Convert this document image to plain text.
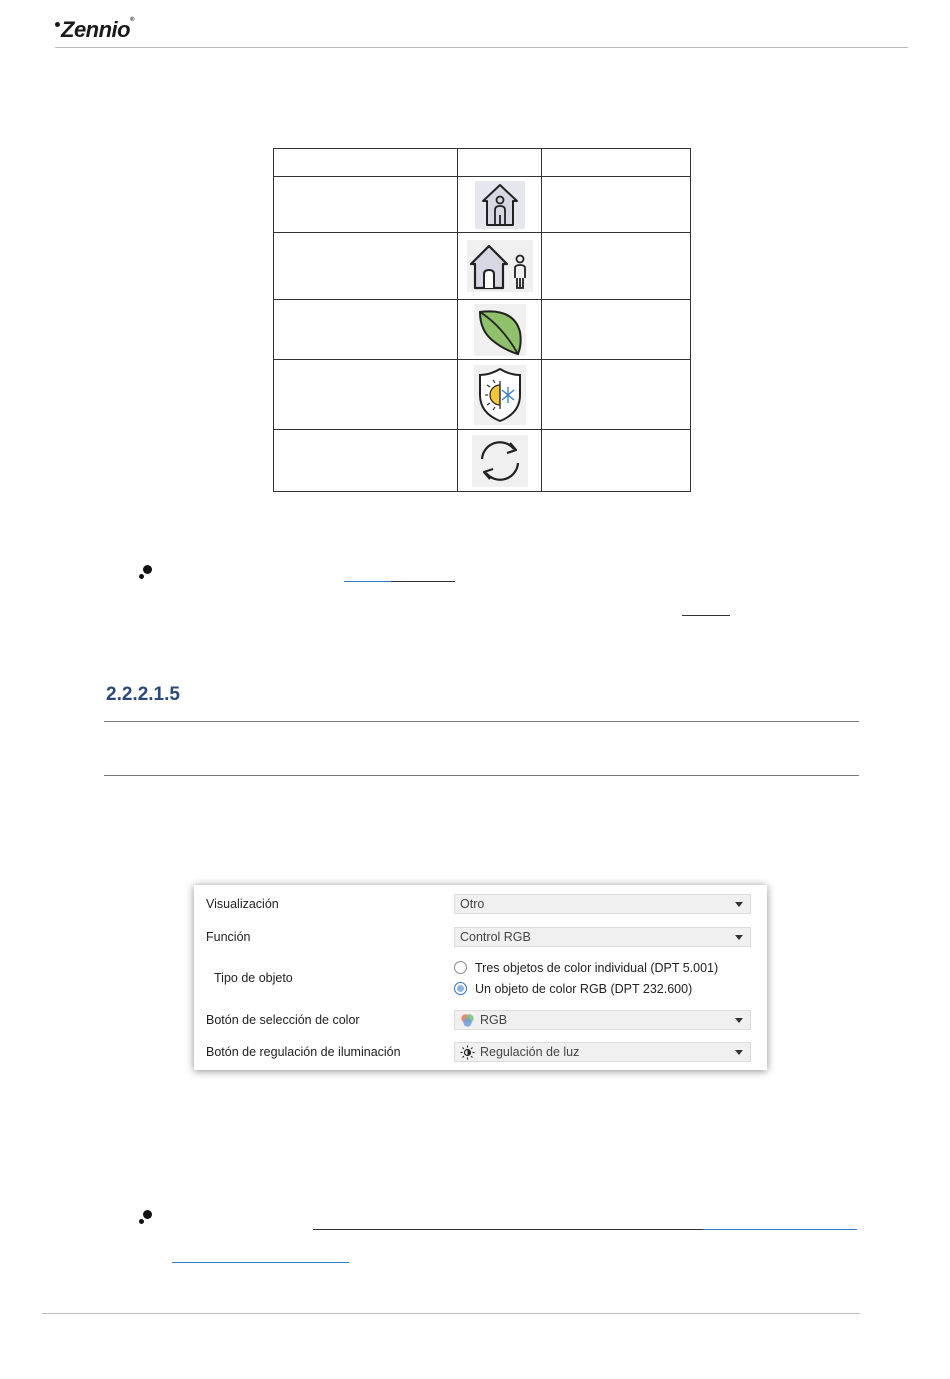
Zennio®

2.2.2.1.5
Visualización	Otro
Función	Control RGB
Tipo de objeto
Tres objetos de color individual (DPT 5.001)
Un objeto de color RGB (DPT 232.600)
Botón de selección de color	RGB
Botón de regulación de iluminación	Regulación de luz
